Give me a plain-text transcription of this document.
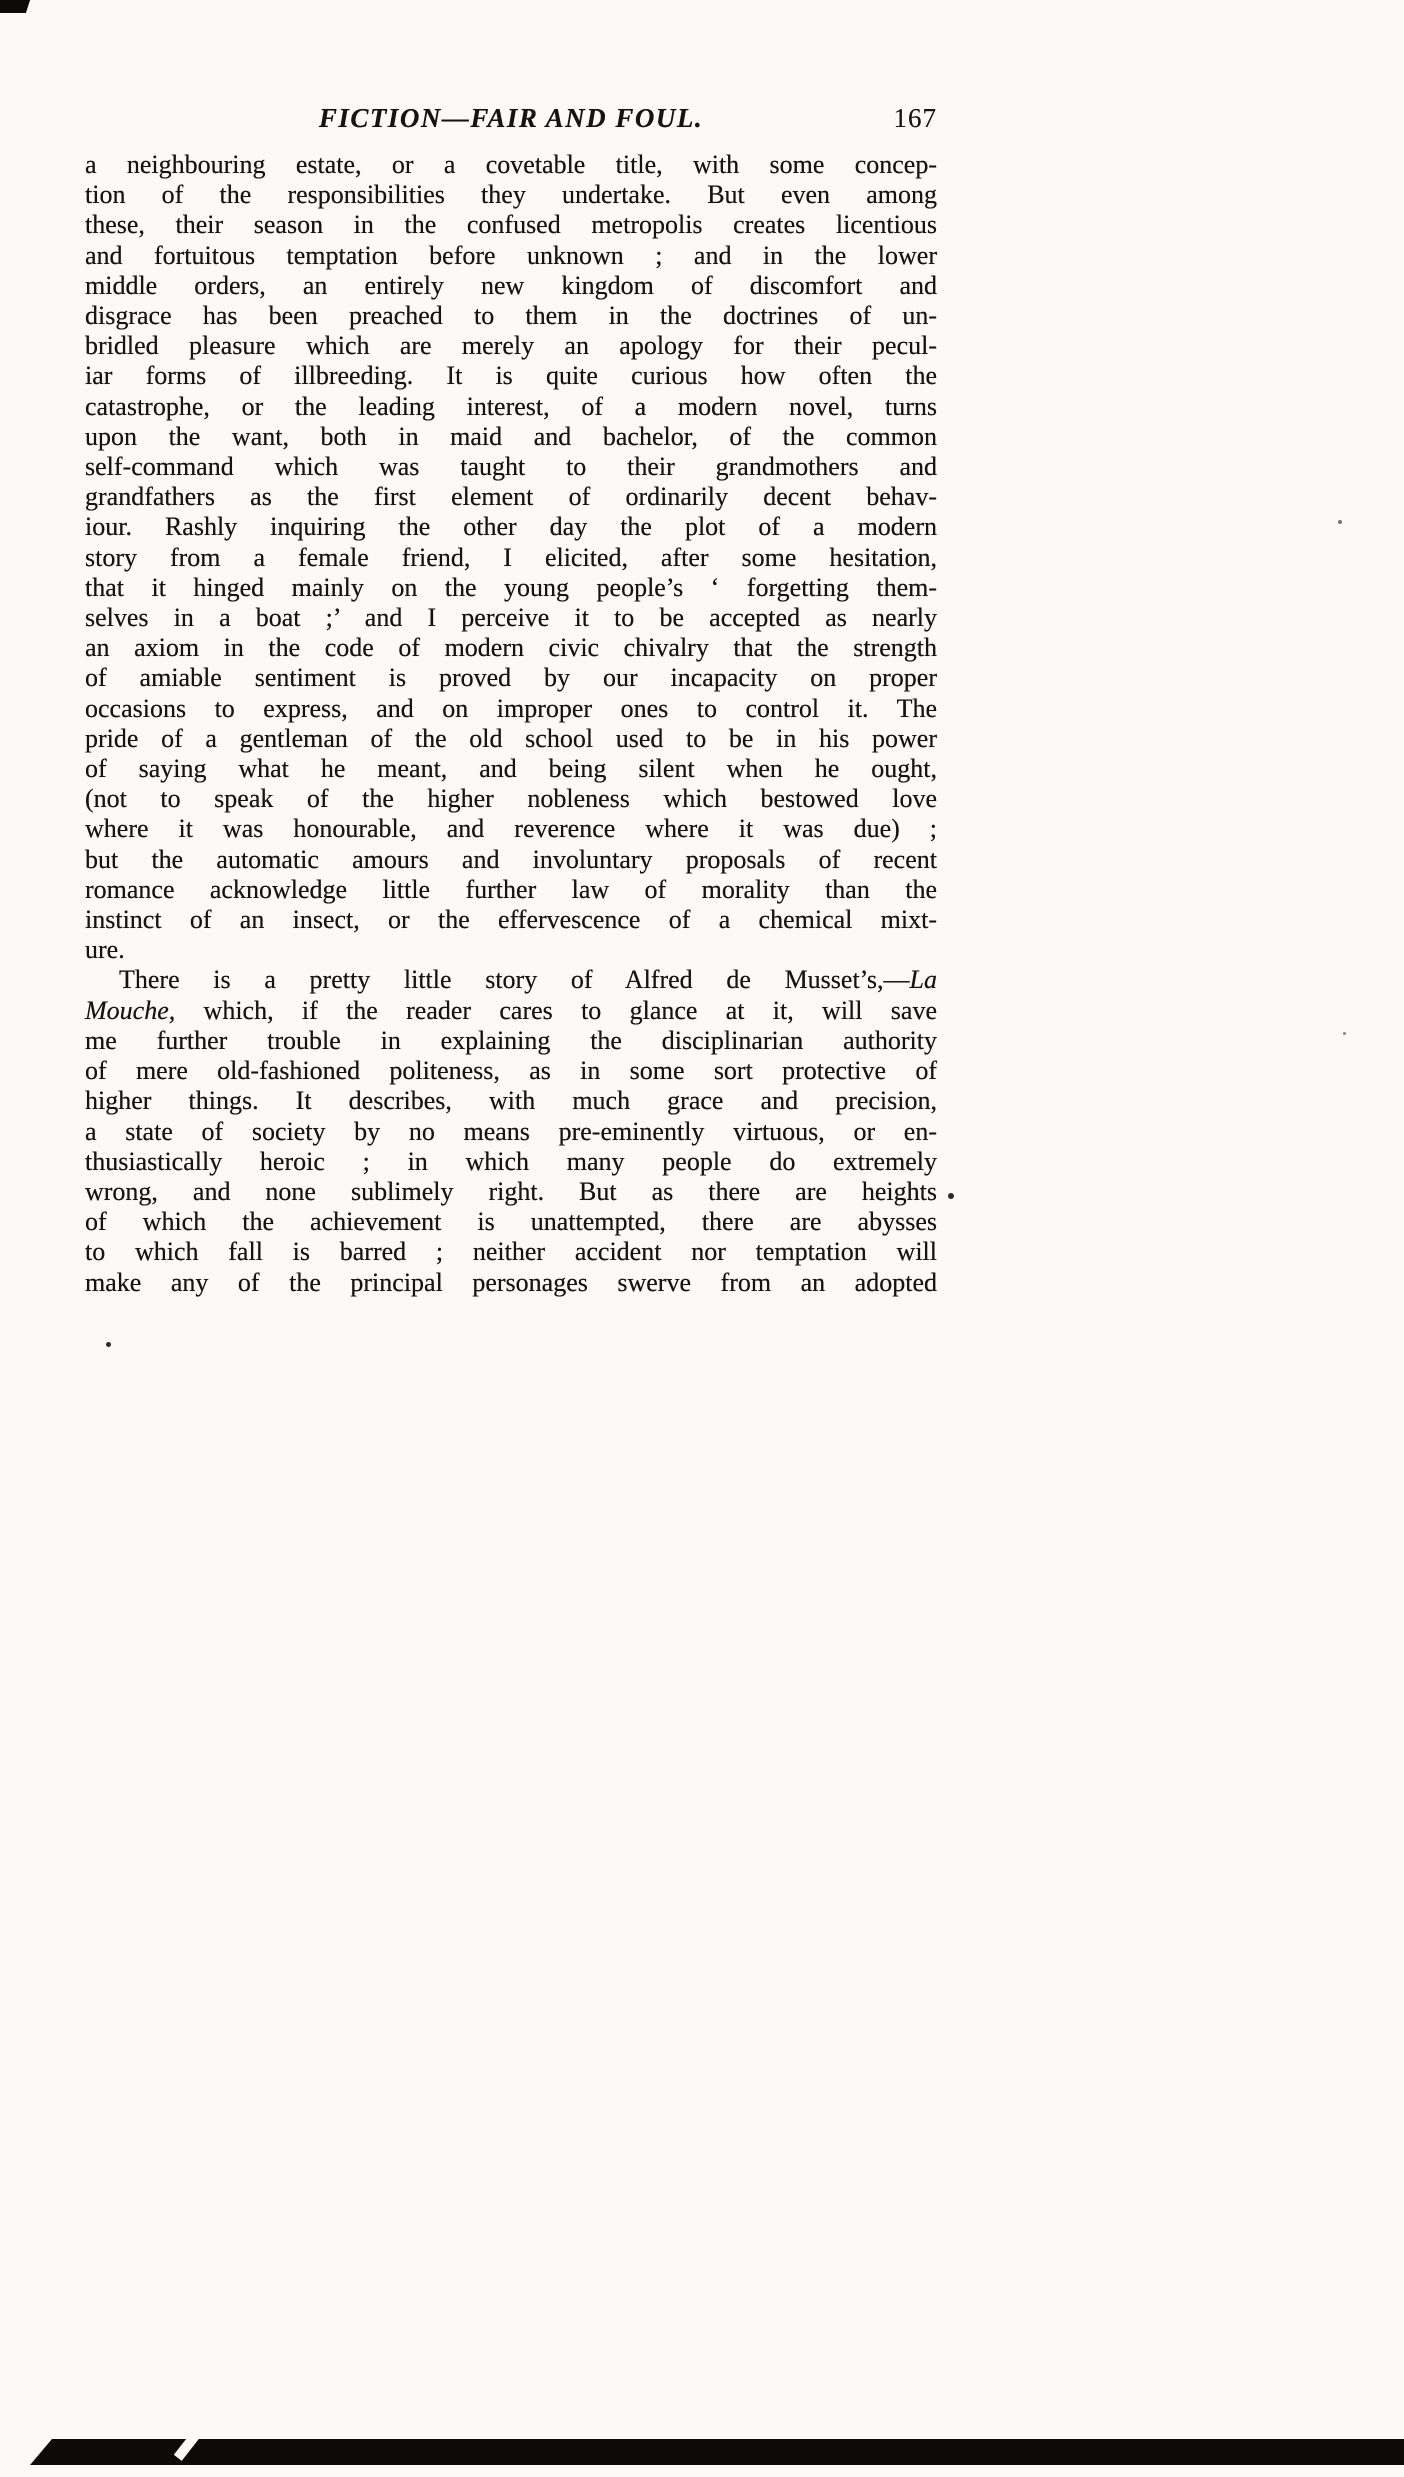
FICTION—FAIR AND FOUL.	167
a neighbouring estate, or a covetable title, with some concep-
tion of the responsibilities they undertake. But even among
these, their season in the confused metropolis creates licentious
and fortuitous temptation before unknown ; and in the lower
middle orders, an entirely new kingdom of discomfort and
disgrace has been preached to them in the doctrines of un-
bridled pleasure which are merely an apology for their pecul-
iar forms of illbreeding. It is quite curious how often the
catastrophe, or the leading interest, of a modern novel, turns
upon the want, both in maid and bachelor, of the common
self-command which was taught to their grandmothers and
grandfathers as the first element of ordinarily decent behav-
iour. Rashly inquiring the other day the plot of a modern
story from a female friend, I elicited, after some hesitation,
that it hinged mainly on the young people’s ‘ forgetting them-
selves in a boat ;’ and I perceive it to be accepted as nearly
an axiom in the code of modern civic chivalry that the strength
of amiable sentiment is proved by our incapacity on proper
occasions to express, and on improper ones to control it. The
pride of a gentleman of the old school used to be in his power
of saying what he meant, and being silent when he ought,
(not to speak of the higher nobleness which bestowed love
where it was honourable, and reverence where it was due) ;
but the automatic amours and involuntary proposals of recent
romance acknowledge little further law of morality than the
instinct of an insect, or the effervescence of a chemical mixt-
ure.
There is a pretty little story of Alfred de Musset’s,—La
Mouche, which, if the reader cares to glance at it, will save
me further trouble in explaining the disciplinarian authority
of mere old-fashioned politeness, as in some sort protective of
higher things. It describes, with much grace and precision,
a state of society by no means pre-eminently virtuous, or en-
thusiastically heroic ; in which many people do extremely
wrong, and none sublimely right. But as there are heights
of which the achievement is unattempted, there are abysses
to which fall is barred ; neither accident nor temptation will
make any of the principal personages swerve from an adopted
